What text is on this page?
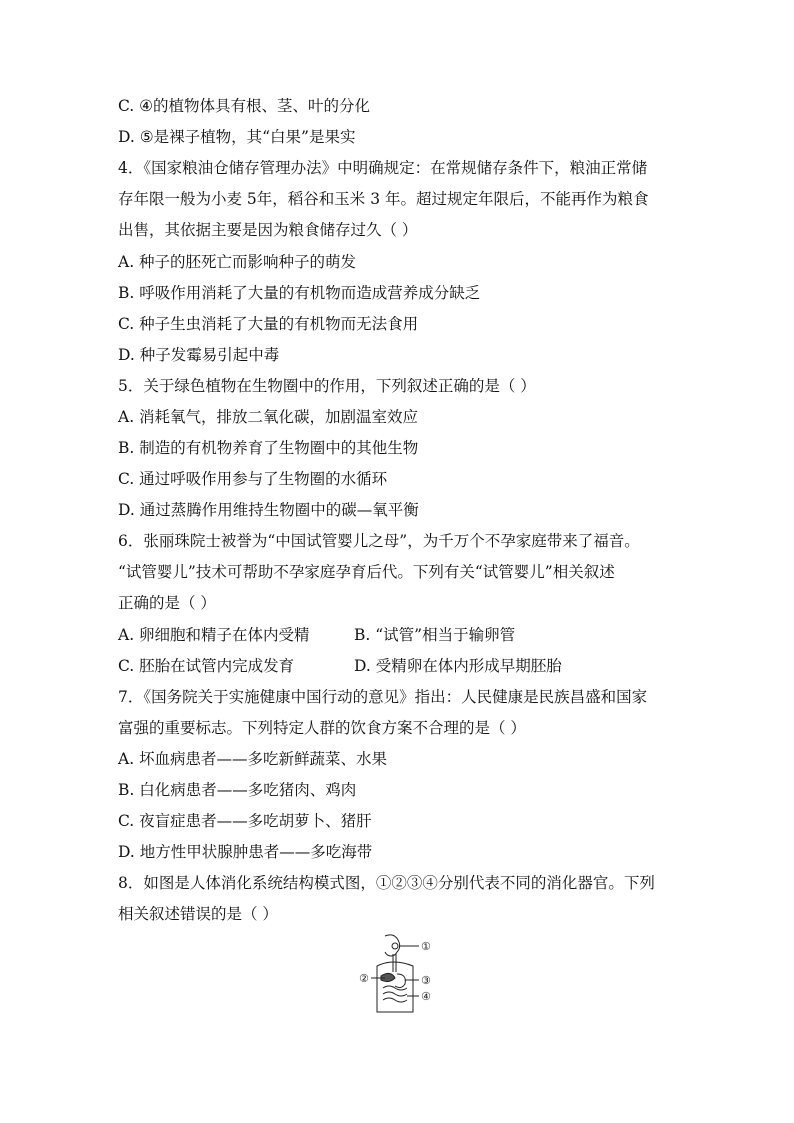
C. ④的植物体具有根、茎、叶的分化
D. ⑤是裸子植物，其“白果”是果实
4．《国家粮油仓储存管理办法》中明确规定：在常规储存条件下，粮油正常储
存年限一般为小麦 5年，稻谷和玉米 3 年。超过规定年限后，不能再作为粮食
出售，其依据主要是因为粮食储存过久（ ）
A. 种子的胚死亡而影响种子的萌发
B. 呼吸作用消耗了大量的有机物而造成营养成分缺乏
C. 种子生虫消耗了大量的有机物而无法食用
D. 种子发霉易引起中毒
5．关于绿色植物在生物圈中的作用，下列叙述正确的是（ ）
A. 消耗氧气，排放二氧化碳，加剧温室效应
B. 制造的有机物养育了生物圈中的其他生物
C. 通过呼吸作用参与了生物圈的水循环
D. 通过蒸腾作用维持生物圈中的碳—氧平衡
6．张丽珠院士被誉为“中国试管婴儿之母”，为千万个不孕家庭带来了福音。
“试管婴儿”技术可帮助不孕家庭孕育后代。下列有关“试管婴儿”相关叙述
正确的是（ ）
A. 卵细胞和精子在体内受精	B. “试管”相当于输卵管
C. 胚胎在试管内完成发育	D. 受精卵在体内形成早期胚胎
7．《国务院关于实施健康中国行动的意见》指出：人民健康是民族昌盛和国家
富强的重要标志。下列特定人群的饮食方案不合理的是（ ）
A. 坏血病患者——多吃新鲜蔬菜、水果
B. 白化病患者——多吃猪肉、鸡肉
C. 夜盲症患者——多吃胡萝卜、猪肝
D. 地方性甲状腺肿患者——多吃海带
8．如图是人体消化系统结构模式图，①②③④分别代表不同的消化器官。下列
相关叙述错误的是（ ）
①
②	③
④
